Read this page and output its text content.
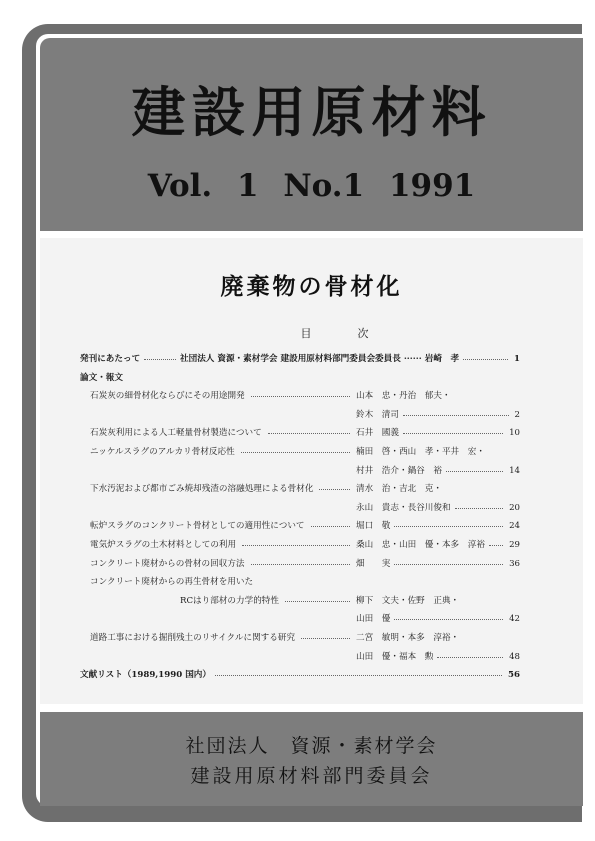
建設用原材料
Vol. 1 No.1 1991
廃棄物の骨材化
目次
発刊にあたって	社団法人 資源・素材学会 建設用原材料部門委員会委員長 ······ 岩崎　孝	1
論文・報文
石炭灰の細骨材化ならびにその用途開発	山本　忠・丹治　郁夫・
鈴木　清司	2
石炭灰利用による人工軽量骨材製造について	石井　國義	10
ニッケルスラグのアルカリ骨材反応性	楠田　啓・西山　孝・平井　宏・
村井　浩介・鍋谷　裕	14
下水汚泥および都市ごみ焼却残渣の溶融処理による骨材化	清水　治・吉北　克・
永山　貴志・長谷川俊和	20
転炉スラグのコンクリート骨材としての適用性について	堀口　敬	24
電気炉スラグの土木材料としての利用	桑山　忠・山田　優・本多　淳裕	29
コンクリート廃材からの骨材の回収方法	畑　　実	36
コンクリート廃材からの再生骨材を用いた
RCはり部材の力学的特性	柳下　文夫・佐野　正典・
山田　優	42
道路工事における掘削残土のリサイクルに関する研究	二宮　敏明・本多　淳裕・
山田　優・福本　勲	48
文献リスト（1989,1990 国内）	56
社団法人　資源・素材学会
建設用原材料部門委員会
